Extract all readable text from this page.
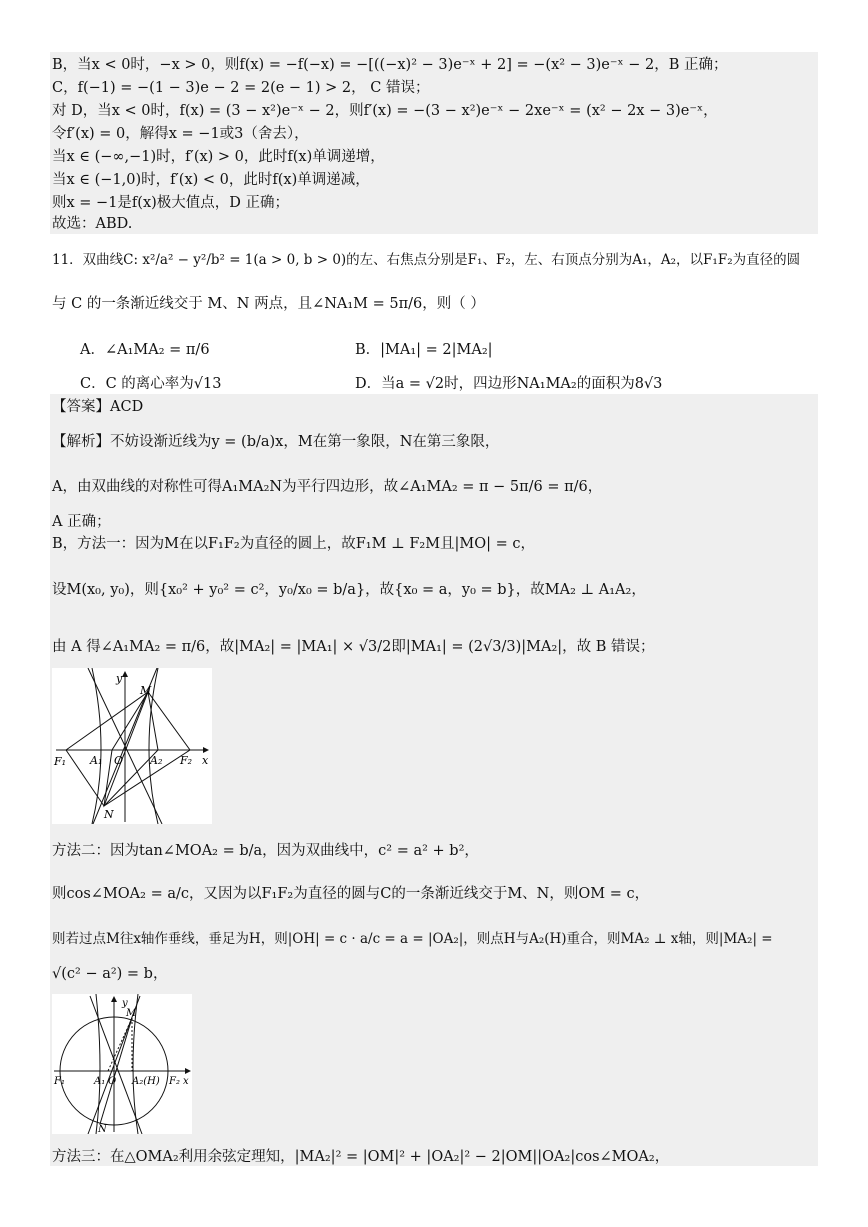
B，当x < 0时，−x > 0，则f(x) = −f(−x) = −[((−x)² − 3)e⁻ˣ + 2] = −(x² − 3)e⁻ˣ − 2，B 正确；
C，f(−1) = −(1 − 3)e − 2 = 2(e − 1) > 2， C 错误；
对 D，当x < 0时，f(x) = (3 − x²)e⁻ˣ − 2，则f′(x) = −(3 − x²)e⁻ˣ − 2xe⁻ˣ = (x² − 2x − 3)e⁻ˣ，
令f′(x) = 0，解得x = −1或3（舍去），
当x ∈ (−∞,−1)时，f′(x) > 0，此时f(x)单调递增，
当x ∈ (−1,0)时，f′(x) < 0，此时f(x)单调递减，
则x = −1是f(x)极大值点，D 正确；
故选：ABD.
11．双曲线C: x²/a² − y²/b² = 1(a > 0, b > 0)的左、右焦点分别是F₁、F₂，左、右顶点分别为A₁，A₂，以F₁F₂为直径的圆
与 C 的一条渐近线交于 M、N 两点，且∠NA₁M = 5π/6，则（ ）
A．∠A₁MA₂ = π/6	B．|MA₁| = 2|MA₂|
C．C 的离心率为√13	D．当a = √2时，四边形NA₁MA₂的面积为8√3
【答案】ACD
【解析】不妨设渐近线为y = (b/a)x，M在第一象限，N在第三象限，
A，由双曲线的对称性可得A₁MA₂N为平行四边形，故∠A₁MA₂ = π − 5π/6 = π/6，
A 正确；
B，方法一：因为M在以F₁F₂为直径的圆上，故F₁M ⊥ F₂M且|MO| = c，
设M(x₀, y₀)，则{x₀² + y₀² = c²，y₀/x₀ = b/a}，故{x₀ = a，y₀ = b}，故MA₂ ⊥ A₁A₂，
由 A 得∠A₁MA₂ = π/6，故|MA₂| = |MA₁| × √3/2即|MA₁| = (2√3/3)|MA₂|，故 B 错误；
y
x
M
F₁ A₁ O A₂ F₂
N
方法二：因为tan∠MOA₂ = b/a，因为双曲线中，c² = a² + b²，
则cos∠MOA₂ = a/c，又因为以F₁F₂为直径的圆与C的一条渐近线交于M、N，则OM = c，
则若过点M往x轴作垂线，垂足为H，则|OH| = c · a/c = a = |OA₂|，则点H与A₂(H)重合，则MA₂ ⊥ x轴，则|MA₂| =
√(c² − a²) = b，
y
x
M
F₁	A₁ O A₂(H) F₂
N
方法三：在△OMA₂利用余弦定理知，|MA₂|² = |OM|² + |OA₂|² − 2|OM||OA₂|cos∠MOA₂，
